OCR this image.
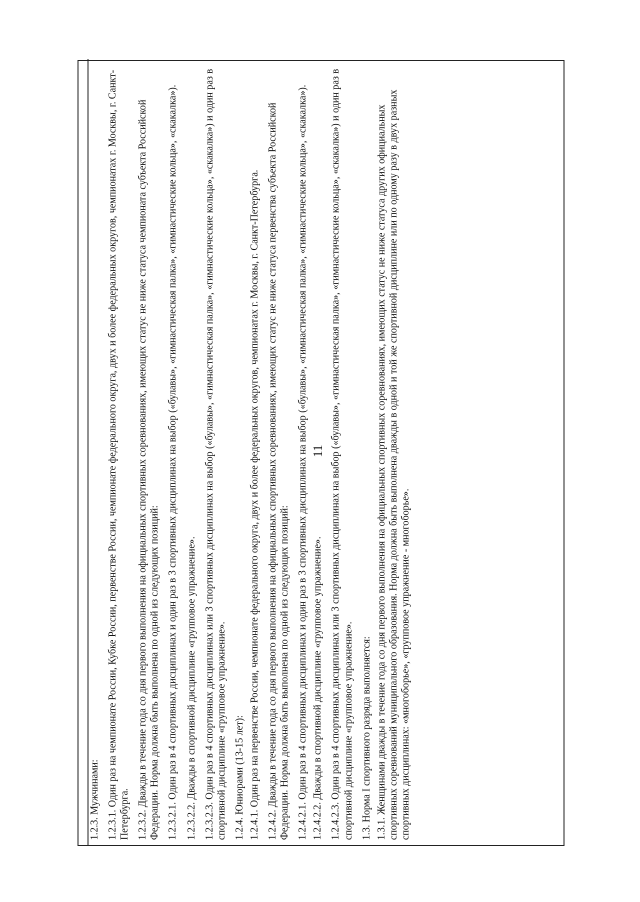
11

1.2.3. Мужчинами: 1.2.3.1. Один раз на чемпионате России, Кубке России, первенстве России, чемпионате федерального округа, двух и более федеральных округов, чемпионатах г. Москвы, г. Санкт-Петербурга. 1.2.3.2. Дважды в течение года со дня первого выполнения на официальных спортивных соревнованиях, имеющих статус не ниже статуса чемпионата субъекта Российской Федерации. Норма должна быть выполнена по одной из следующих позиций: 1.2.3.2.1. Один раз в 4 спортивных дисциплинах и один раз в 3 спортивных дисциплинах на выбор («булавы», «гимнастическая палка», «гимнастические кольца», «скакалка»). 1.2.3.2.2. Дважды в спортивной дисциплине «групповое упражнение». 1.2.3.2.3. Один раз в 4 спортивных дисциплинах или 3 спортивных дисциплинах на выбор («булавы», «гимнастическая палка», «гимнастические кольца», «скакалка») и один раз в спортивной дисциплине «групповое упражнение». 1.2.4. Юниорами (13-15 лет): 1.2.4.1. Один раз на первенстве России, чемпионате федерального округа, двух и более федеральных округов, чемпионатах г. Москвы, г. Санкт-Петербурга. 1.2.4.2. Дважды в течение года со дня первого выполнения на официальных спортивных соревнованиях, имеющих статус не ниже статуса первенства субъекта Российской Федерации. Норма должна быть выполнена по одной из следующих позиций: 1.2.4.2.1. Один раз в 4 спортивных дисциплинах и один раз в 3 спортивных дисциплинах на выбор («булавы», «гимнастическая палка», «гимнастические кольца», «скакалка»). 1.2.4.2.2. Дважды в спортивной дисциплине «групповое упражнение». 1.2.4.2.3. Один раз в 4 спортивных дисциплинах или 3 спортивных дисциплинах на выбор («булавы», «гимнастическая палка», «гимнастические кольца», «скакалка») и один раз в спортивной дисциплине «групповое упражнение». 1.3. Норма I спортивного разряда выполняется: 1.3.1. Женщинами дважды в течение года со дня первого выполнения на официальных спортивных соревнованиях, имеющих статус не ниже статуса других официальных спортивных соревнований муниципального образования. Норма должна быть выполнена дважды в одной и той же спортивной дисциплине или по одному разу в двух разных спортивных дисциплинах: «многоборье», «групповое упражнение - многоборье».
